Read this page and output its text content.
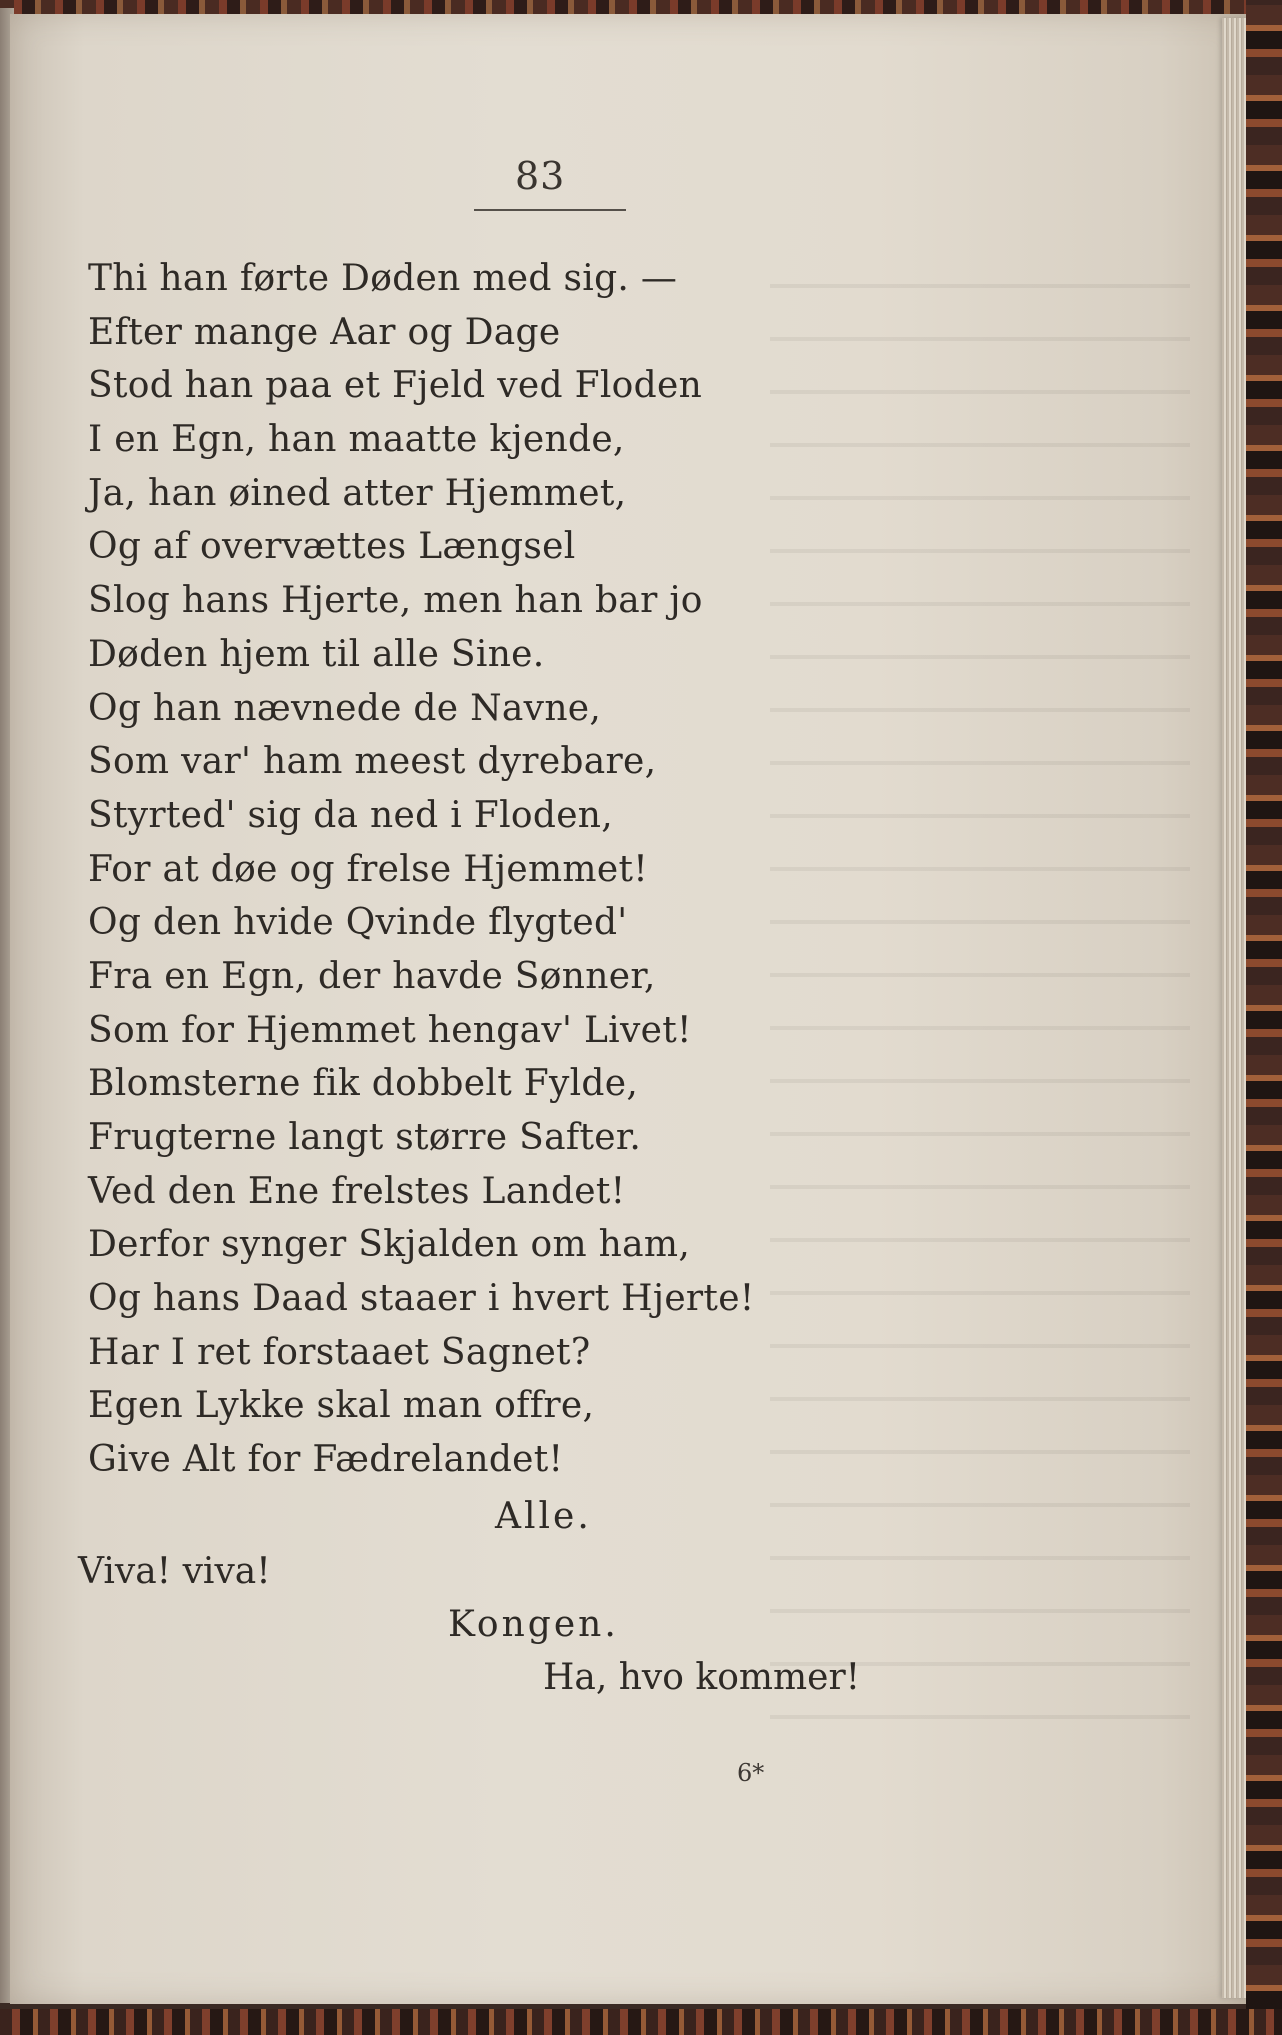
83
Thi han førte Døden med sig. —
Efter mange Aar og Dage
Stod han paa et Fjeld ved Floden
I en Egn, han maatte kjende,
Ja, han øined atter Hjemmet,
Og af overvættes Længsel
Slog hans Hjerte, men han bar jo
Døden hjem til alle Sine.
Og han nævnede de Navne,
Som var' ham meest dyrebare,
Styrted' sig da ned i Floden,
For at døe og frelse Hjemmet!
Og den hvide Qvinde flygted'
Fra en Egn, der havde Sønner,
Som for Hjemmet hengav' Livet!
Blomsterne fik dobbelt Fylde,
Frugterne langt større Safter.
Ved den Ene frelstes Landet!
Derfor synger Skjalden om ham,
Og hans Daad staaer i hvert Hjerte!
Har I ret forstaaet Sagnet?
Egen Lykke skal man offre,
Give Alt for Fædrelandet!
Alle.
Viva! viva!
Kongen.
Ha, hvo kommer!
6*
